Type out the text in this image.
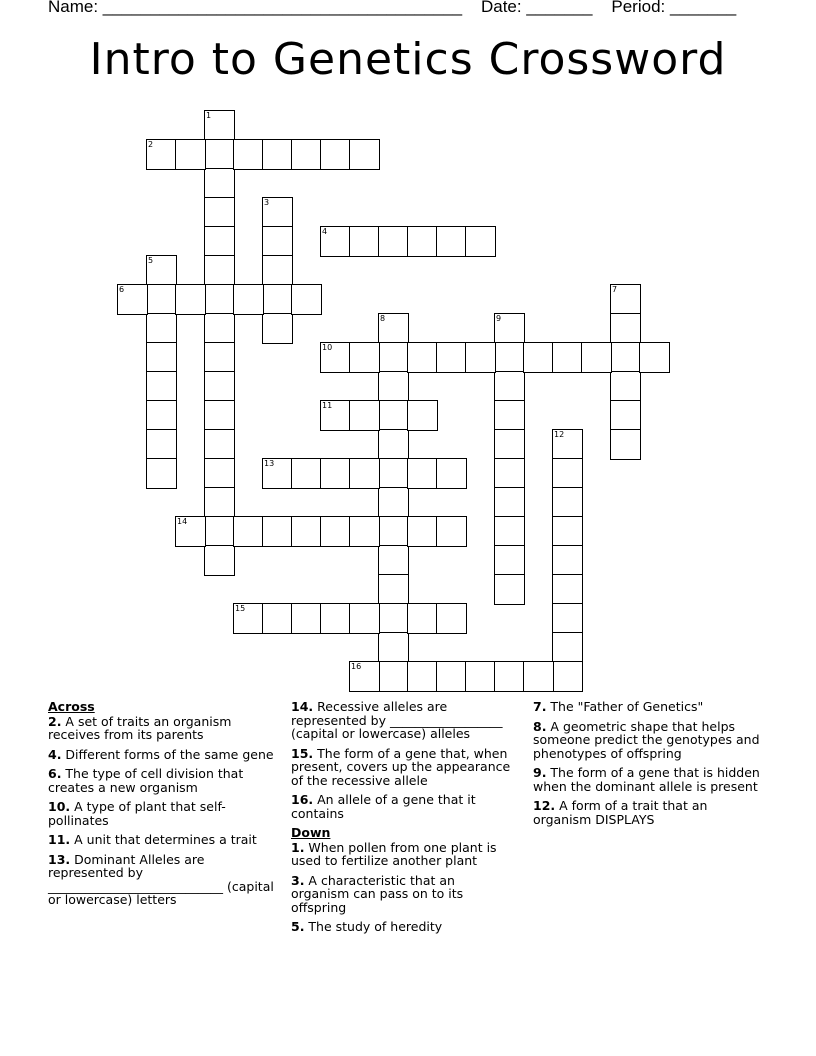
Name: ______________________________________    Date: _______    Period: _______
Intro to Genetics Crossword
1
2
3
4
5
6	7
8	9
10
11
12
13
14
15
16
Across
2. A set of traits an organism receives from its parents
4. Different forms of the same gene
6. The type of cell division that creates a new organism
10. A type of plant that self-pollinates
11. A unit that determines a trait
13. Dominant Alleles are represented by ____________________________ (capital or lowercase) letters
14. Recessive alleles are represented by __________________ (capital or lowercase) alleles
15. The form of a gene that, when present, covers up the appearance of the recessive allele
16. An allele of a gene that it contains
Down
1. When pollen from one plant is used to fertilize another plant
3. A characteristic that an organism can pass on to its offspring
5. The study of heredity
7. The "Father of Genetics"
8. A geometric shape that helps someone predict the genotypes and phenotypes of offspring
9. The form of a gene that is hidden when the dominant allele is present
12. A form of a trait that an organism DISPLAYS
